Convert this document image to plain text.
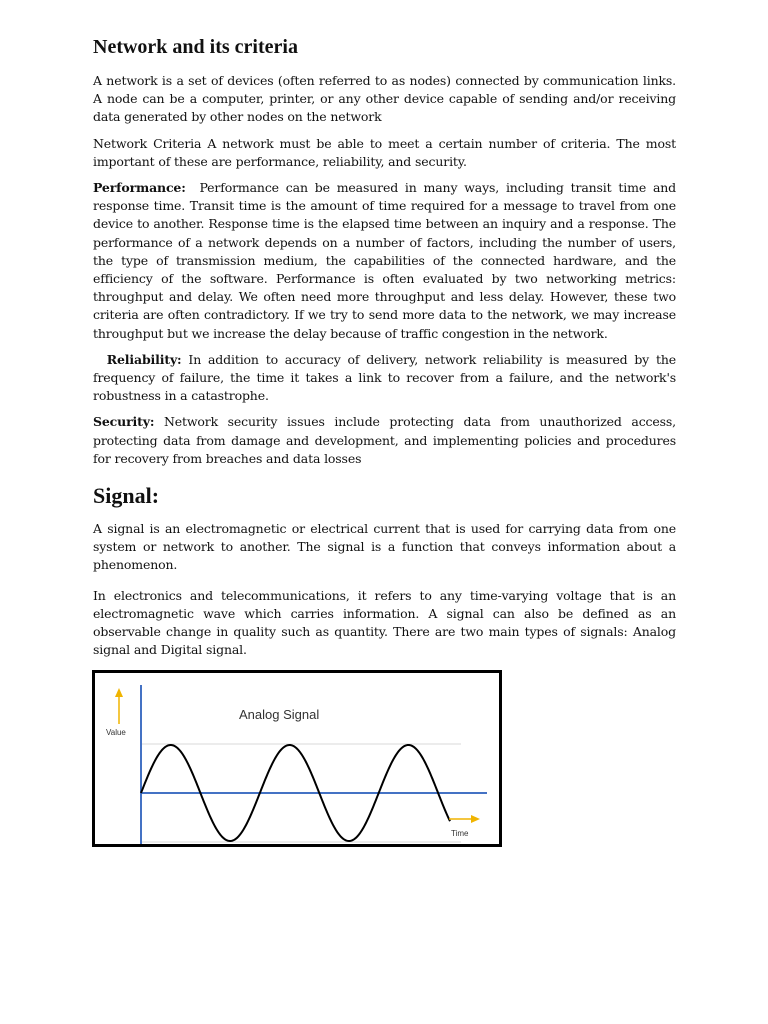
Network and its criteria

A network is a set of devices (often referred to as nodes) connected by communication links. A node can be a computer, printer, or any other device capable of sending and/or receiving data generated by other nodes on the network

Network Criteria A network must be able to meet a certain number of criteria. The most important of these are performance, reliability, and security.

Performance: Performance can be measured in many ways, including transit time and response time. Transit time is the amount of time required for a message to travel from one device to another. Response time is the elapsed time between an inquiry and a response. The performance of a network depends on a number of factors, including the number of users, the type of transmission medium, the capabilities of the connected hardware, and the efficiency of the software. Performance is often evaluated by two networking metrics: throughput and delay. We often need more throughput and less delay. However, these two criteria are often contradictory. If we try to send more data to the network, we may increase throughput but we increase the delay because of traffic congestion in the network.

Reliability: In addition to accuracy of delivery, network reliability is measured by the frequency of failure, the time it takes a link to recover from a failure, and the network's robustness in a catastrophe.

Security: Network security issues include protecting data from unauthorized access, protecting data from damage and development, and implementing policies and procedures for recovery from breaches and data losses

Signal:

A signal is an electromagnetic or electrical current that is used for carrying data from one system or network to another. The signal is a function that conveys information about a phenomenon.

In electronics and telecommunications, it refers to any time-varying voltage that is an electromagnetic wave which carries information. A signal can also be defined as an observable change in quality such as quantity. There are two main types of signals: Analog signal and Digital signal.

Analog Signal
Value
Time
